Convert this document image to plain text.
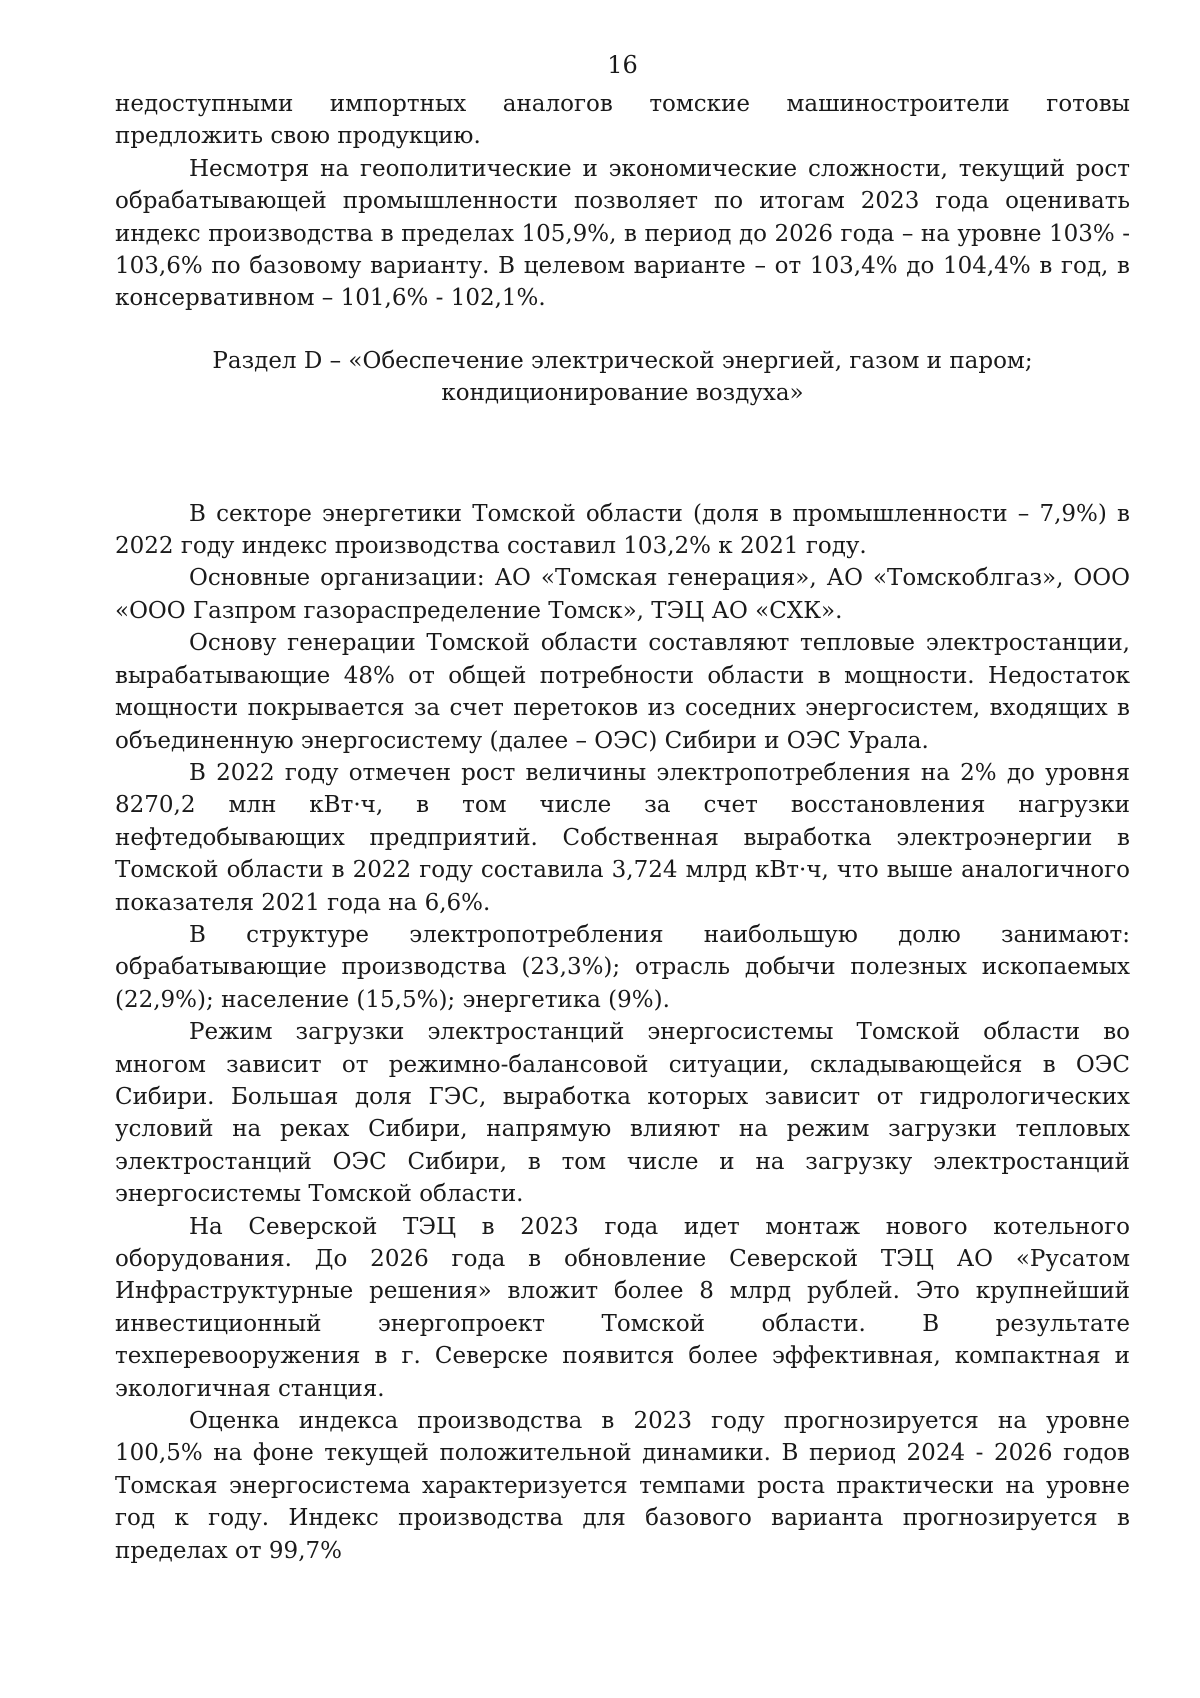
16

недоступными импортных аналогов томские машиностроители готовы предложить свою продукцию.

Несмотря на геополитические и экономические сложности, текущий рост обрабатывающей промышленности позволяет по итогам 2023 года оценивать индекс производства в пределах 105,9%, в период до 2026 года – на уровне 103% - 103,6% по базовому варианту. В целевом варианте – от 103,4% до 104,4% в год, в консервативном – 101,6% - 102,1%.

Раздел D – «Обеспечение электрической энергией, газом и паром;
кондиционирование воздуха»

В секторе энергетики Томской области (доля в промышленности – 7,9%) в 2022 году индекс производства составил 103,2% к 2021 году.

Основные организации: АО «Томская генерация», АО «Томскоблгаз», ООО «ООО Газпром газораспределение Томск», ТЭЦ АО «СХК».

Основу генерации Томской области составляют тепловые электростанции, вырабатывающие 48% от общей потребности области в мощности. Недостаток мощности покрывается за счет перетоков из соседних энергосистем, входящих в объединенную энергосистему (далее – ОЭС) Сибири и ОЭС Урала.

В 2022 году отмечен рост величины электропотребления на 2% до уровня 8270,2 млн кВт·ч, в том числе за счет восстановления нагрузки нефтедобывающих предприятий. Собственная выработка электроэнергии в Томской области в 2022 году составила 3,724 млрд кВт·ч, что выше аналогичного показателя 2021 года на 6,6%.

В структуре электропотребления наибольшую долю занимают: обрабатывающие производства (23,3%); отрасль добычи полезных ископаемых (22,9%); население (15,5%); энергетика (9%).

Режим загрузки электростанций энергосистемы Томской области во многом зависит от режимно-балансовой ситуации, складывающейся в ОЭС Сибири. Большая доля ГЭС, выработка которых зависит от гидрологических условий на реках Сибири, напрямую влияют на режим загрузки тепловых электростанций ОЭС Сибири, в том числе и на загрузку электростанций энергосистемы Томской области.

На Северской ТЭЦ в 2023 года идет монтаж нового котельного оборудования. До 2026 года в обновление Северской ТЭЦ АО «Русатом Инфраструктурные решения» вложит более 8 млрд рублей. Это крупнейший инвестиционный энергопроект Томской области. В результате техперевооружения в г. Северске появится более эффективная, компактная и экологичная станция.

Оценка индекса производства в 2023 году прогнозируется на уровне 100,5% на фоне текущей положительной динамики. В период 2024 - 2026 годов Томская энергосистема характеризуется темпами роста практически на уровне год к году. Индекс производства для базового варианта прогнозируется в пределах от 99,7%
